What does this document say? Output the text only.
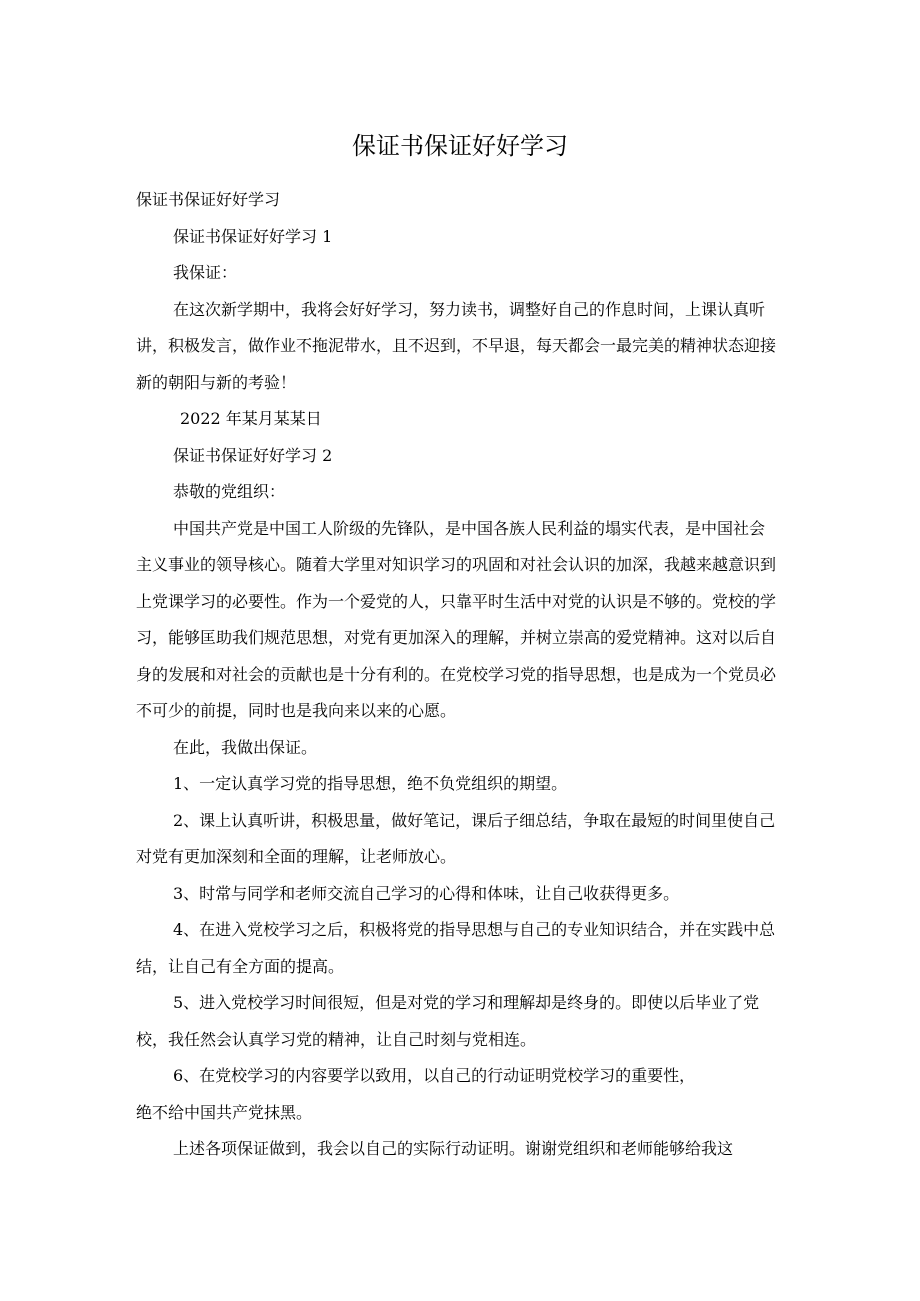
保证书保证好好学习

保证书保证好好学习

保证书保证好好学习 1

我保证：

在这次新学期中，我将会好好学习，努力读书，调整好自己的作息时间，上课认真听讲，积极发言，做作业不拖泥带水，且不迟到，不早退，每天都会一最完美的精神状态迎接新的朝阳与新的考验！

2022 年某月某某日

保证书保证好好学习 2

恭敬的党组织：

中国共产党是中国工人阶级的先锋队，是中国各族人民利益的塌实代表，是中国社会主义事业的领导核心。随着大学里对知识学习的巩固和对社会认识的加深，我越来越意识到上党课学习的必要性。作为一个爱党的人，只靠平时生活中对党的认识是不够的。党校的学习，能够匡助我们规范思想，对党有更加深入的理解，并树立崇高的爱党精神。这对以后自身的发展和对社会的贡献也是十分有利的。在党校学习党的指导思想，也是成为一个党员必不可少的前提，同时也是我向来以来的心愿。

在此，我做出保证。

1、一定认真学习党的指导思想，绝不负党组织的期望。

2、课上认真听讲，积极思量，做好笔记，课后子细总结，争取在最短的时间里使自己对党有更加深刻和全面的理解，让老师放心。

3、时常与同学和老师交流自己学习的心得和体味，让自己收获得更多。

4、在进入党校学习之后，积极将党的指导思想与自己的专业知识结合，并在实践中总结，让自己有全方面的提高。

5、进入党校学习时间很短，但是对党的学习和理解却是终身的。即使以后毕业了党校，我任然会认真学习党的精神，让自己时刻与党相连。

6、在党校学习的内容要学以致用，以自己的行动证明党校学习的重要性，

绝不给中国共产党抹黑。

上述各项保证做到，我会以自己的实际行动证明。谢谢党组织和老师能够给我这
